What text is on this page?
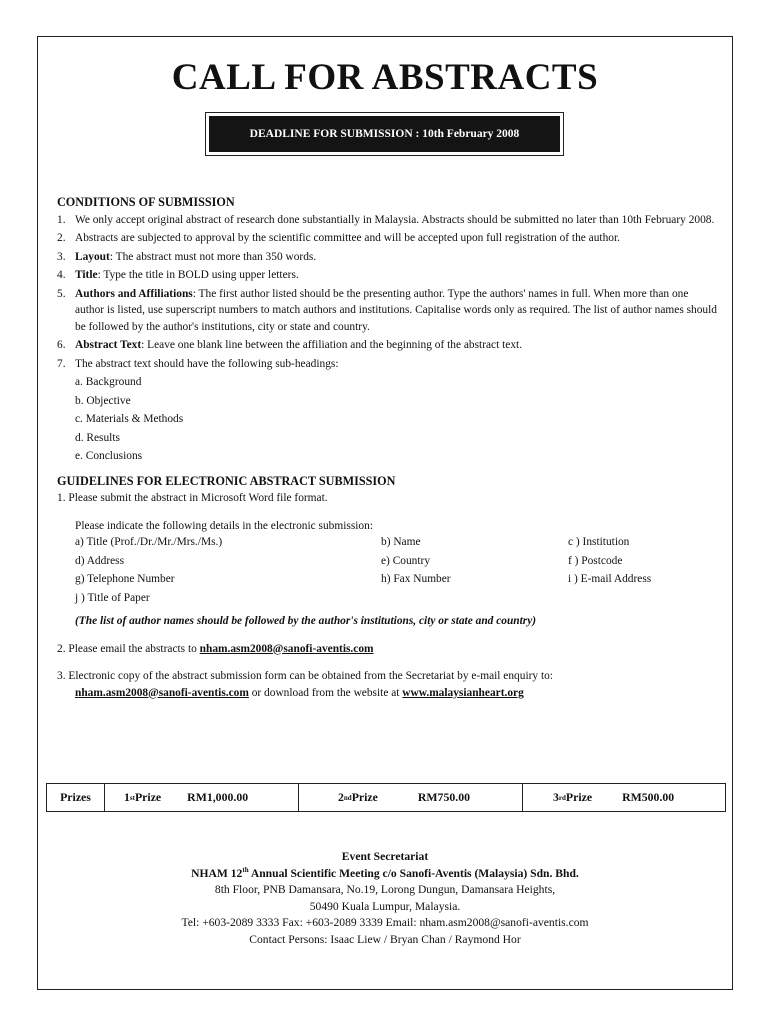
CALL FOR ABSTRACTS
DEADLINE FOR SUBMISSION : 10th February 2008
CONDITIONS OF SUBMISSION
1. We only accept original abstract of research done substantially in Malaysia. Abstracts should be submitted no later than 10th February 2008.
2. Abstracts are subjected to approval by the scientific committee and will be accepted upon full registration of the author.
3. Layout: The abstract must not more than 350 words.
4. Title: Type the title in BOLD using upper letters.
5. Authors and Affiliations: The first author listed should be the presenting author. Type the authors' names in full. When more than one author is listed, use superscript numbers to match authors and institutions. Capitalise words only as required. The list of author names should be followed by the author's institutions, city or state and country.
6. Abstract Text: Leave one blank line between the affiliation and the beginning of the abstract text.
7. The abstract text should have the following sub-headings:
a. Background
b. Objective
c. Materials & Methods
d. Results
e. Conclusions
GUIDELINES FOR ELECTRONIC ABSTRACT SUBMISSION
1. Please submit the abstract in Microsoft Word file format.
Please indicate the following details in the electronic submission:
a) Title (Prof./Dr./Mr./Mrs./Ms.)	b) Name	c ) Institution
d) Address	e) Country	f ) Postcode
g) Telephone Number	h) Fax Number	i ) E-mail Address
j ) Title of Paper
(The list of author names should be followed by the author's institutions, city or state and country)
2. Please email the abstracts to nham.asm2008@sanofi-aventis.com
3. Electronic copy of the abstract submission form can be obtained from the Secretariat by e-mail enquiry to:
nham.asm2008@sanofi-aventis.com or download from the website at www.malaysianheart.org
Prizes	1 st Prize RM1,000.00	2 nd Prize	RM750.00	3 rd Prize	RM500.00
Event Secretariat
NHAM 12th Annual Scientific Meeting c/o Sanofi-Aventis (Malaysia) Sdn. Bhd.
8th Floor, PNB Damansara, No.19, Lorong Dungun, Damansara Heights,
50490 Kuala Lumpur, Malaysia.
Tel: +603-2089 3333 Fax: +603-2089 3339 Email: nham.asm2008@sanofi-aventis.com
Contact Persons: Isaac Liew / Bryan Chan / Raymond Hor
